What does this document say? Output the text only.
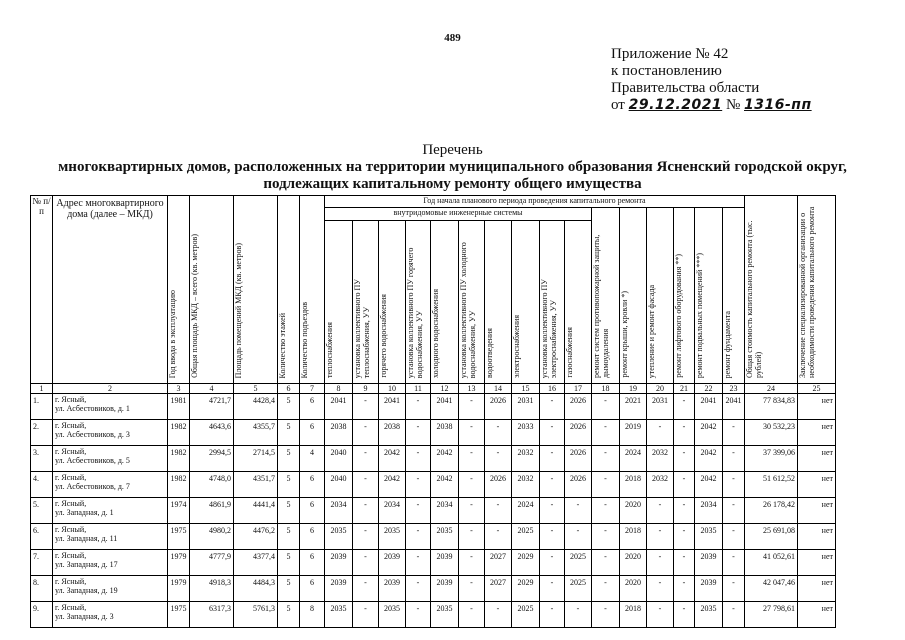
489
Приложение № 42
к постановлению
Правительства области
от 29.12.2021 № 1316-пп
Перечень
многоквартирных домов, расположенных на территории муниципального образования Ясненский городской округ,
подлежащих капитальному ремонту общего имущества
№ п/п	Адрес многоквартирного дома (далее – МКД)	Год ввода в эксплуатацию	Общая площадь МКД – всего (кв. метров)	Площадь помещений МКД (кв. метров)	Количество этажей	Количество подъездов	Год начала планового периода проведения капитального ремонта																Общая стоимость капитального ремонта (тыс. рублей)	Заключение специализированной организации о необходимости проведения капитального ремонта
							внутридомовые инженерные системы										ремонт систем противопожарной защиты, дымоудаления	ремонт крыши, кровли *)	утепление и ремонт фасада	ремонт лифтового оборудования **)	ремонт подвальных помещений ***)	ремонт фундамента		
							теплоснабжения	установка коллективного ПУ теплоснабжения, УУ	горячего водоснабжения	установка коллективного ПУ горячего водоснабжения, УУ	холодного водоснабжения	установка коллективного ПУ холодного водоснабжения, УУ	водоотведения	электроснабжения	установка коллективного ПУ электроснабжения, УУ	газоснабжения								
1	2	3	4	5	6	7	8	9	10	11	12	13	14	15	16	17	18	19	20	21	22	23	24	25
1.	г. Ясный,
ул. Асбестовиков, д. 1	1981	4721,7	4428,4	5	6	2041	-	2041	-	2041	-	2026	2031	-	2026	-	2021	2031	-	2041	2041	77 834,83	нет
2.	г. Ясный,
ул. Асбестовиков, д. 3	1982	4643,6	4355,7	5	6	2038	-	2038	-	2038	-	-	2033	-	2026	-	2019	-	-	2042	-	30 532,23	нет
3.	г. Ясный,
ул. Асбестовиков, д. 5	1982	2994,5	2714,5	5	4	2040	-	2042	-	2042	-	-	2032	-	2026	-	2024	2032	-	2042	-	37 399,06	нет
4.	г. Ясный,
ул. Асбестовиков, д. 7	1982	4748,0	4351,7	5	6	2040	-	2042	-	2042	-	2026	2032	-	2026	-	2018	2032	-	2042	-	51 612,52	нет
5.	г. Ясный,
ул. Западная, д. 1	1974	4861,9	4441,4	5	6	2034	-	2034	-	2034	-	-	2024	-	-	-	2020	-	-	2034	-	26 178,42	нет
6.	г. Ясный,
ул. Западная, д. 11	1975	4980,2	4476,2	5	6	2035	-	2035	-	2035	-	-	2025	-	-	-	2018	-	-	2035	-	25 691,08	нет
7.	г. Ясный,
ул. Западная, д. 17	1979	4777,9	4377,4	5	6	2039	-	2039	-	2039	-	2027	2029	-	2025	-	2020	-	-	2039	-	41 052,61	нет
8.	г. Ясный,
ул. Западная, д. 19	1979	4918,3	4484,3	5	6	2039	-	2039	-	2039	-	2027	2029	-	2025	-	2020	-	-	2039	-	42 047,46	нет
9.	г. Ясный,
ул. Западная, д. 3	1975	6317,3	5761,3	5	8	2035	-	2035	-	2035	-	-	2025	-	-	-	2018	-	-	2035	-	27 798,61	нет
